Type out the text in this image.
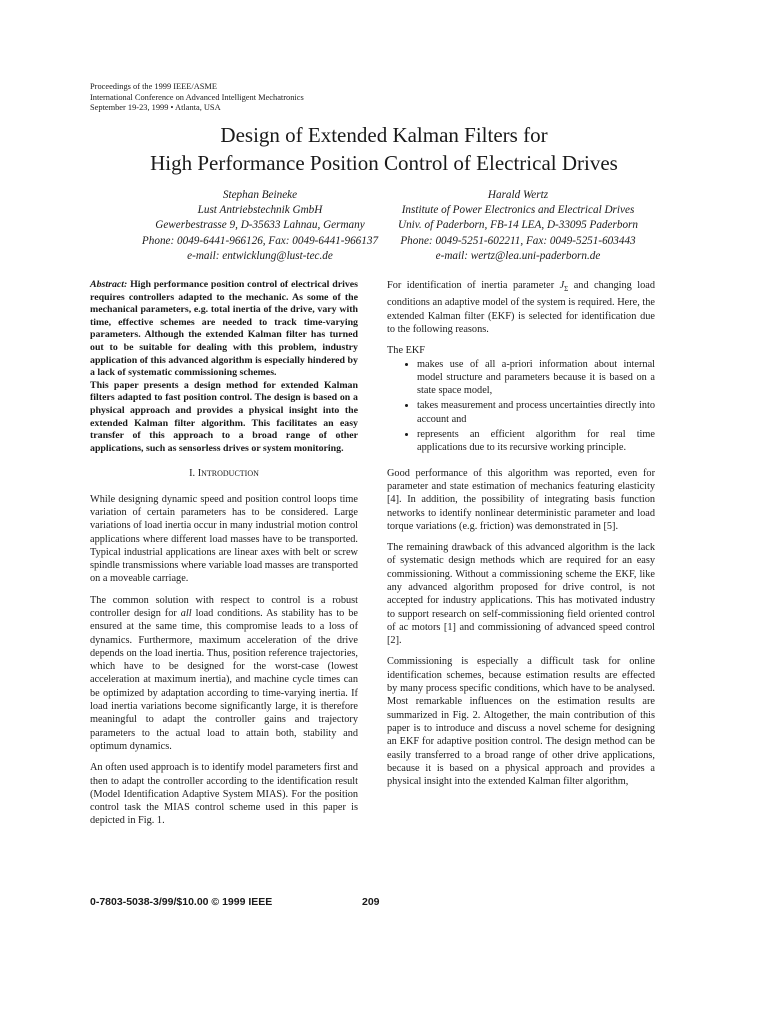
Proceedings of the 1999 IEEE/ASME
International Conference on Advanced Intelligent Mechatronics
September 19-23, 1999 • Atlanta, USA
Design of Extended Kalman Filters for
High Performance Position Control of Electrical Drives
Stephan Beineke
Lust Antriebstechnik GmbH
Gewerbestrasse 9, D-35633 Lahnau, Germany
Phone: 0049-6441-966126, Fax: 0049-6441-966137
e-mail: entwicklung@lust-tec.de
Harald Wertz
Institute of Power Electronics and Electrical Drives
Univ. of Paderborn, FB-14 LEA, D-33095 Paderborn
Phone: 0049-5251-602211, Fax: 0049-5251-603443
e-mail: wertz@lea.uni-paderborn.de

Abstract: High performance position control of electrical drives requires controllers adapted to the mechanic. As some of the mechanical parameters, e.g. total inertia of the drive, vary with time, effective schemes are needed to track time-varying parameters. Although the extended Kalman filter has turned out to be suitable for dealing with this problem, industry application of this advanced algorithm is especially hindered by a lack of systematic commissioning schemes.

This paper presents a design method for extended Kalman filters adapted to fast position control. The design is based on a physical approach and provides a physical insight into the extended Kalman filter algorithm. This facilitates an easy transfer of this approach to a broad range of other applications, such as sensorless drives or system monitoring.

I. INTRODUCTION

While designing dynamic speed and position control loops time variation of certain parameters has to be considered. Large variations of load inertia occur in many industrial motion control applications where different load masses have to be transported. Typical industrial applications are linear axes with belt or screw spindle transmissions where variable load masses are transported on a moveable carriage.

The common solution with respect to control is a robust controller design for all load conditions. As stability has to be ensured at the same time, this compromise leads to a loss of dynamics. Furthermore, maximum acceleration of the drive depends on the load inertia. Thus, position reference trajectories, which have to be designed for the worst-case (lowest acceleration at maximum inertia), and machine cycle times can be optimized by adaptation according to time-varying inertia. If load inertia variations become significantly large, it is therefore meaningful to adapt the controller gains and trajectory parameters to the actual load to attain both, stability and optimum dynamics.

An often used approach is to identify model parameters first and then to adapt the controller according to the identification result (Model Identification Adaptive System MIAS). For the position control task the MIAS control scheme used in this paper is depicted in Fig. 1.

For identification of inertia parameter $J_\Sigma$ and changing load conditions an adaptive model of the system is required. Here, the extended Kalman filter (EKF) is selected for identification due to the following reasons.

The EKF
• makes use of all a-priori information about internal model structure and parameters because it is based on a state space model,
• takes measurement and process uncertainties directly into account and
• represents an efficient algorithm for real time applications due to its recursive working principle.

Good performance of this algorithm was reported, even for parameter and state estimation of mechanics featuring elasticity [4]. In addition, the possibility of integrating basis function networks to identify nonlinear deterministic parameter and load torque variations (e.g. friction) was demonstrated in [5].

The remaining drawback of this advanced algorithm is the lack of systematic design methods which are required for an easy commissioning. Without a commissioning scheme the EKF, like any advanced algorithm proposed for drive control, is not accepted for industry applications. This has motivated industry to support research on self-commissioning field oriented control of ac motors [1] and commissioning of advanced speed control [2].

Commissioning is especially a difficult task for online identification schemes, because estimation results are effected by many process specific conditions, which have to be analysed. Most remarkable influences on the estimation results are summarized in Fig. 2. Altogether, the main contribution of this paper is to introduce and discuss a novel scheme for designing an EKF for adaptive position control. The design method can be easily transferred to a broad range of other drive applications, because it is based on a physical approach and provides a physical insight into the extended Kalman filter algorithm,

0-7803-5038-3/99/$10.00 © 1999 IEEE	209
